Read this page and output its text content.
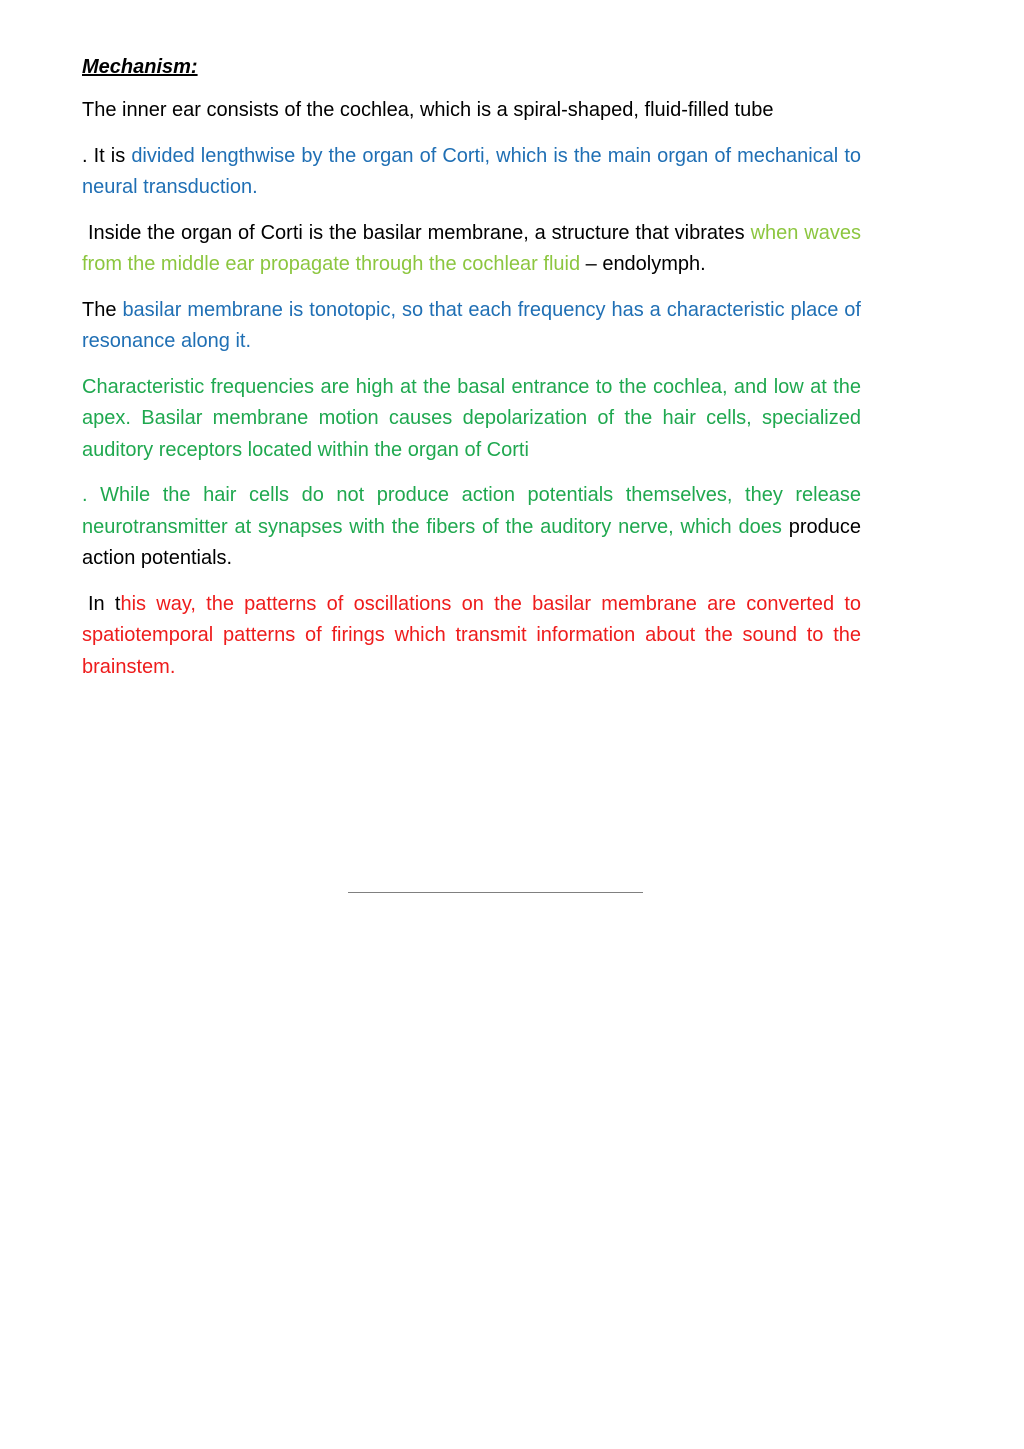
Mechanism:

The inner ear consists of the cochlea, which is a spiral-shaped, fluid-filled tube

. It is divided lengthwise by the organ of Corti, which is the main organ of mechanical to neural transduction.

Inside the organ of Corti is the basilar membrane, a structure that vibrates when waves from the middle ear propagate through the cochlear fluid – endolymph.

The basilar membrane is tonotopic, so that each frequency has a characteristic place of resonance along it.

Characteristic frequencies are high at the basal entrance to the cochlea, and low at the apex. Basilar membrane motion causes depolarization of the hair cells, specialized auditory receptors located within the organ of Corti

. While the hair cells do not produce action potentials themselves, they release neurotransmitter at synapses with the fibers of the auditory nerve, which does produce action potentials.

In this way, the patterns of oscillations on the basilar membrane are converted to spatiotemporal patterns of firings which transmit information about the sound to the brainstem.
